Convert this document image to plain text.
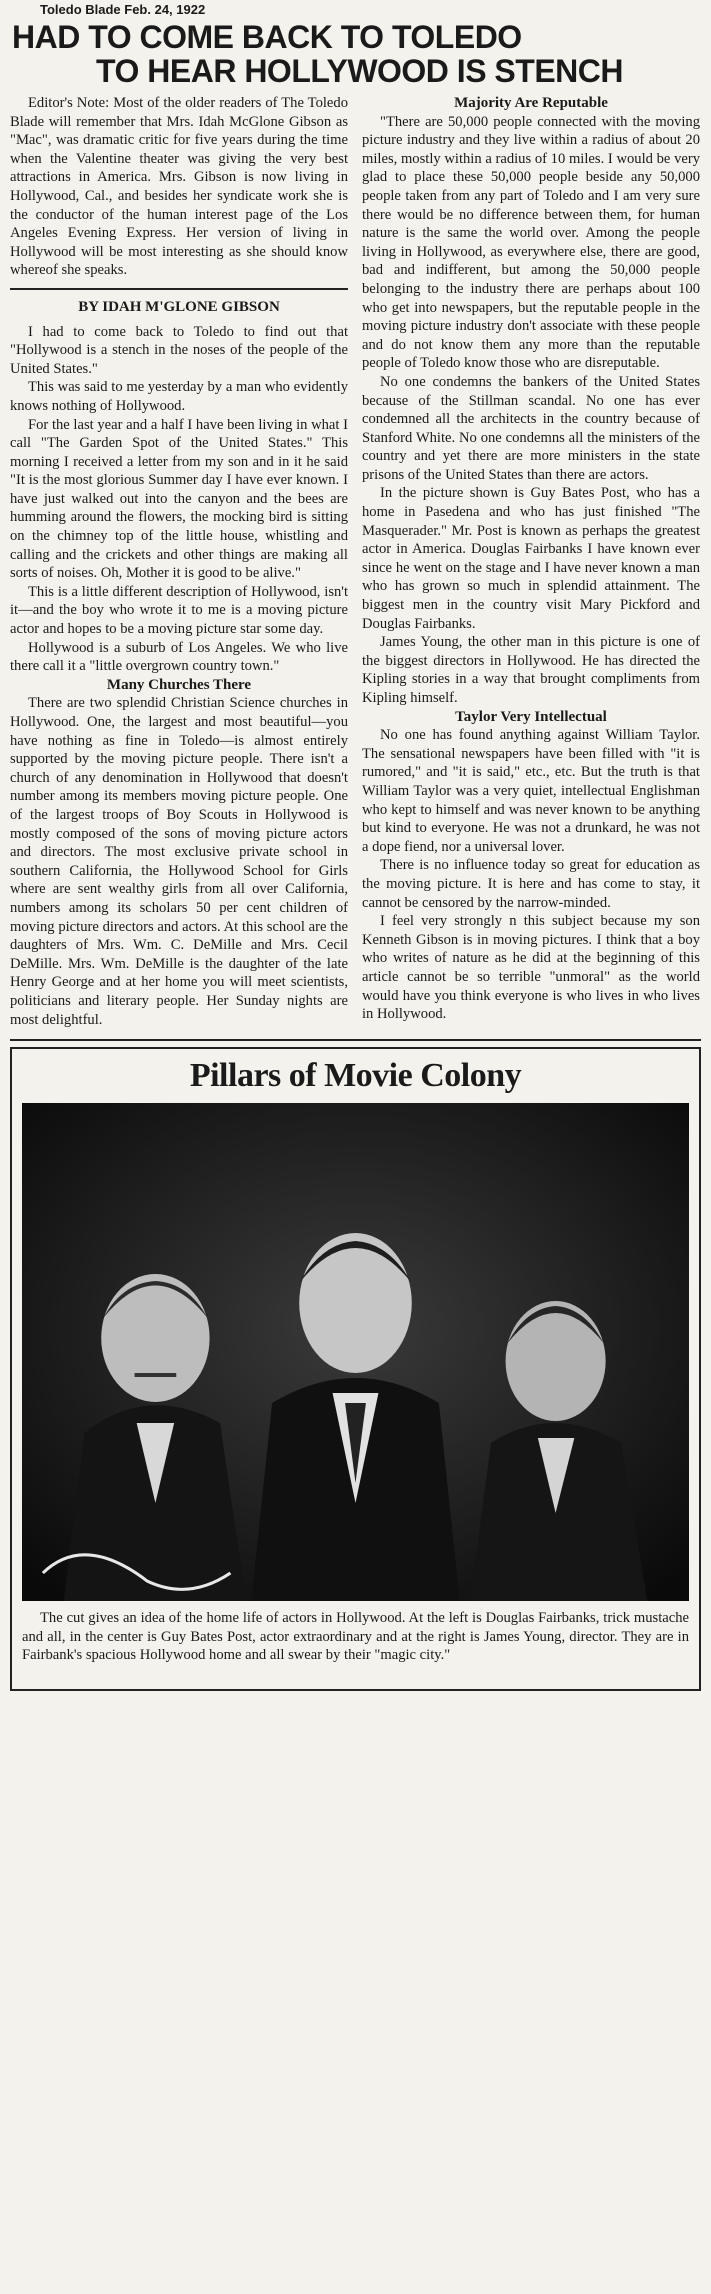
Toledo Blade Feb. 24, 1922
HAD TO COME BACK TO TOLEDO
TO HEAR HOLLYWOOD IS STENCH

Editor's Note: Most of the older readers of The Toledo Blade will remember that Mrs. Idah McGlone Gibson as "Mac", was dramatic critic for five years during the time when the Valentine theater was giving the very best attractions in America. Mrs. Gibson is now living in Hollywood, Cal., and besides her syndicate work she is the conductor of the human interest page of the Los Angeles Evening Express. Her version of living in Hollywood will be most interesting as she should know whereof she speaks.

BY IDAH M'GLONE GIBSON

I had to come back to Toledo to find out that "Hollywood is a stench in the noses of the people of the United States."

This was said to me yesterday by a man who evidently knows nothing of Hollywood.

For the last year and a half I have been living in what I call "The Garden Spot of the United States." This morning I received a letter from my son and in it he said "It is the most glorious Summer day I have ever known. I have just walked out into the canyon and the bees are humming around the flowers, the mocking bird is sitting on the chimney top of the little house, whistling and calling and the crickets and other things are making all sorts of noises. Oh, Mother it is good to be alive."

This is a little different description of Hollywood, isn't it—and the boy who wrote it to me is a moving picture actor and hopes to be a moving picture star some day.

Hollywood is a suburb of Los Angeles. We who live there call it a "little overgrown country town."

Many Churches There

There are two splendid Christian Science churches in Hollywood. One, the largest and most beautiful—you have nothing as fine in Toledo—is almost entirely supported by the moving picture people. There isn't a church of any denomination in Hollywood that doesn't number among its members moving picture people. One of the largest troops of Boy Scouts in Hollywood is mostly composed of the sons of moving picture actors and directors. The most exclusive private school in southern California, the Hollywood School for Girls where are sent wealthy girls from all over California, numbers among its scholars 50 per cent children of moving picture directors and actors. At this school are the daughters of Mrs. Wm. C. DeMille and Mrs. Cecil DeMille. Mrs. Wm. DeMille is the daughter of the late Henry George and at her home you will meet scientists, politicians and literary people. Her Sunday nights are most delightful.

Majority Are Reputable

"There are 50,000 people connected with the moving picture industry and they live within a radius of about 20 miles, mostly within a radius of 10 miles. I would be very glad to place these 50,000 people beside any 50,000 people taken from any part of Toledo and I am very sure there would be no difference between them, for human nature is the same the world over. Among the people living in Hollywood, as everywhere else, there are good, bad and indifferent, but among the 50,000 people belonging to the industry there are perhaps about 100 who get into newspapers, but the reputable people in the moving picture industry don't associate with these people and do not know them any more than the reputable people of Toledo know those who are disreputable.

No one condemns the bankers of the United States because of the Stillman scandal. No one has ever condemned all the architects in the country because of Stanford White. No one condemns all the ministers of the country and yet there are more ministers in the state prisons of the United States than there are actors.

In the picture shown is Guy Bates Post, who has a home in Pasedena and who has just finished "The Masquerader." Mr. Post is known as perhaps the greatest actor in America. Douglas Fairbanks I have known ever since he went on the stage and I have never known a man who has grown so much in splendid attainment. The biggest men in the country visit Mary Pickford and Douglas Fairbanks.

James Young, the other man in this picture is one of the biggest directors in Hollywood. He has directed the Kipling stories in a way that brought compliments from Kipling himself.

Taylor Very Intellectual

No one has found anything against William Taylor. The sensational newspapers have been filled with "it is rumored," and "it is said," etc., etc. But the truth is that William Taylor was a very quiet, intellectual Englishman who kept to himself and was never known to be anything but kind to everyone. He was not a drunkard, he was not a dope fiend, nor a universal lover.

There is no influence today so great for education as the moving picture. It is here and has come to stay, it cannot be censored by the narrow-minded.

I feel very strongly n this subject because my son Kenneth Gibson is in moving pictures. I think that a boy who writes of nature as he did at the beginning of this article cannot be so terrible "unmoral" as the world would have you think everyone is who lives in who lives in Hollywood.

Pillars of Movie Colony

The cut gives an idea of the home life of actors in Hollywood. At the left is Douglas Fairbanks, trick mustache and all, in the center is Guy Bates Post, actor extraordinary and at the right is James Young, director. They are in Fairbank's spacious Hollywood home and all swear by their "magic city."
